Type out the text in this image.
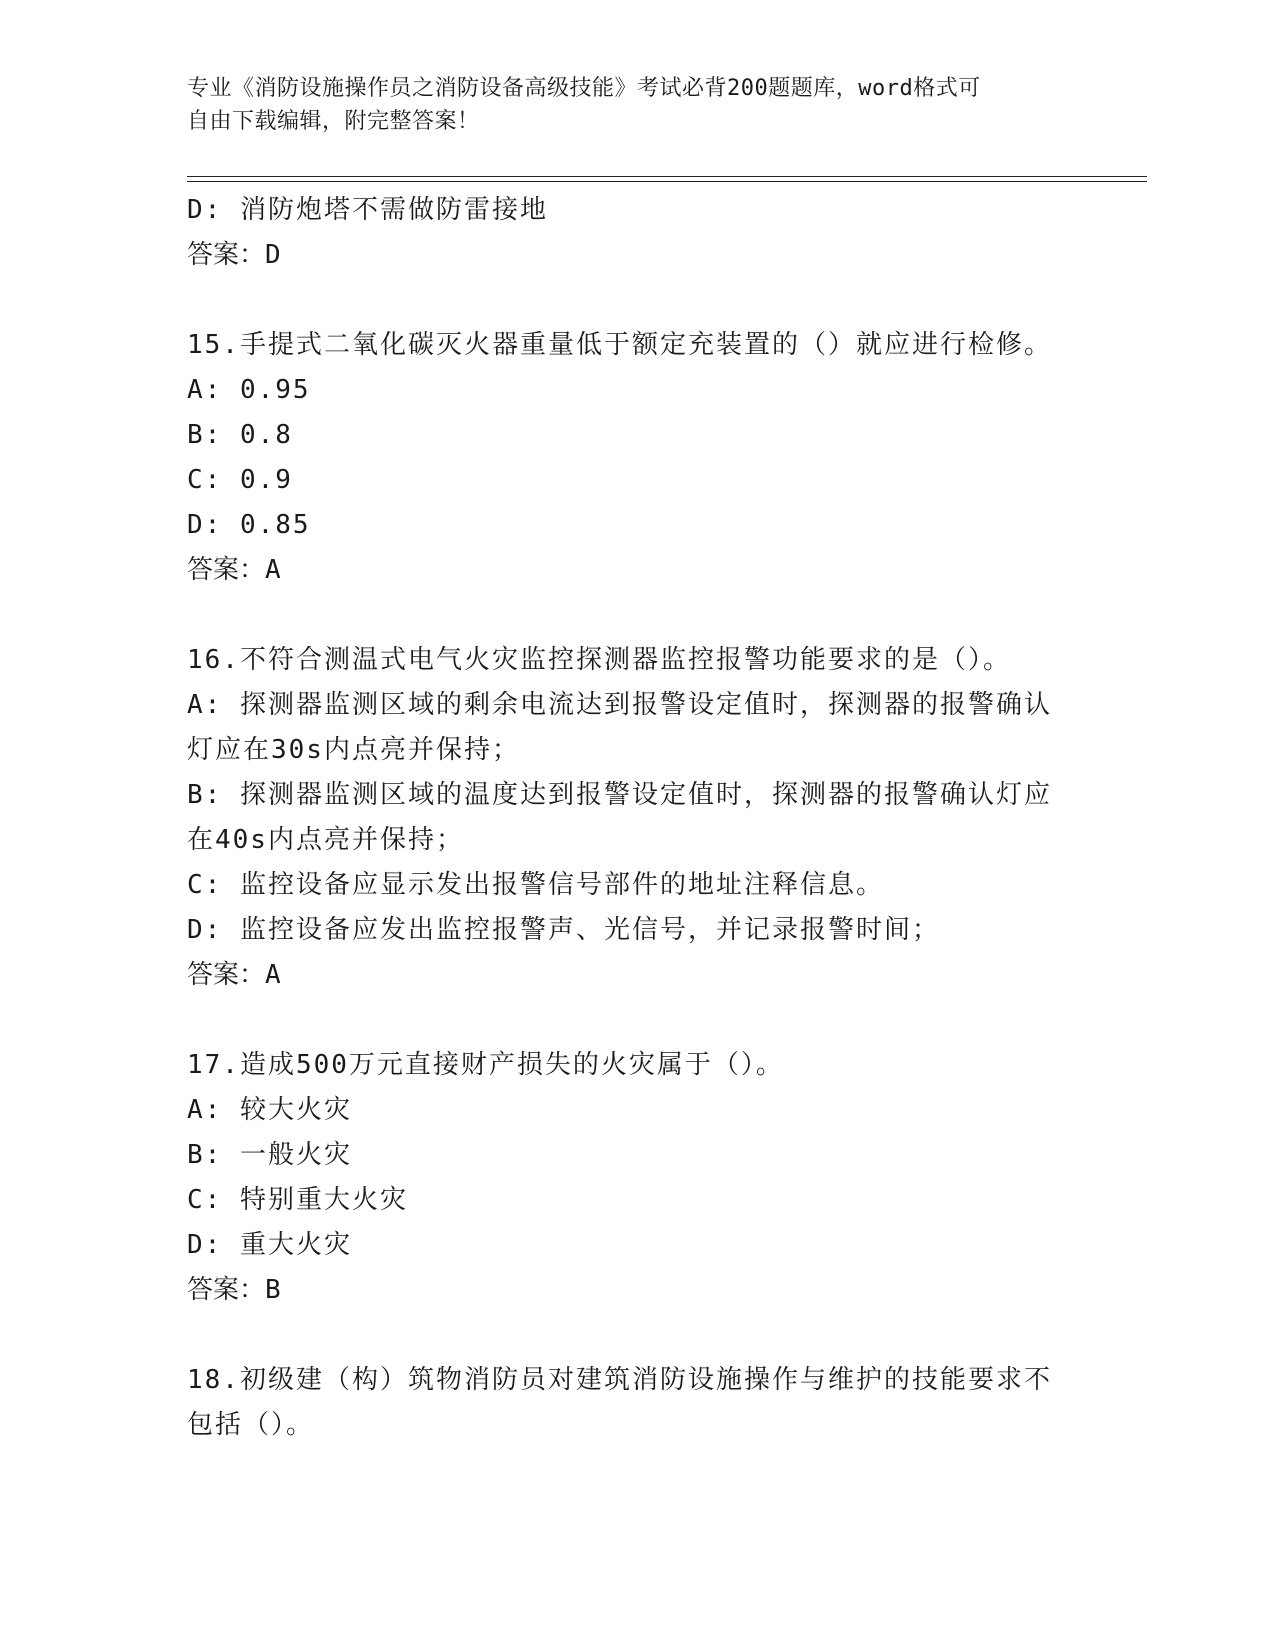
专业《消防设施操作员之消防设备高级技能》考试必背200题题库，word格式可
自由下载编辑，附完整答案！
D: 消防炮塔不需做防雷接地
答案： D
15.手提式二氧化碳灭火器重量低于额定充装置的（）就应进行检修。
A: 0.95
B: 0.8
C: 0.9
D: 0.85
答案： A
16.不符合测温式电气火灾监控探测器监控报警功能要求的是（）。
A: 探测器监测区域的剩余电流达到报警设定值时，探测器的报警确认
灯应在30s内点亮并保持；
B: 探测器监测区域的温度达到报警设定值时，探测器的报警确认灯应
在40s内点亮并保持；
C: 监控设备应显示发出报警信号部件的地址注释信息。
D: 监控设备应发出监控报警声、光信号，并记录报警时间；
答案： A
17.造成500万元直接财产损失的火灾属于（）。
A: 较大火灾
B: 一般火灾
C: 特别重大火灾
D: 重大火灾
答案： B
18.初级建（构）筑物消防员对建筑消防设施操作与维护的技能要求不
包括（）。
